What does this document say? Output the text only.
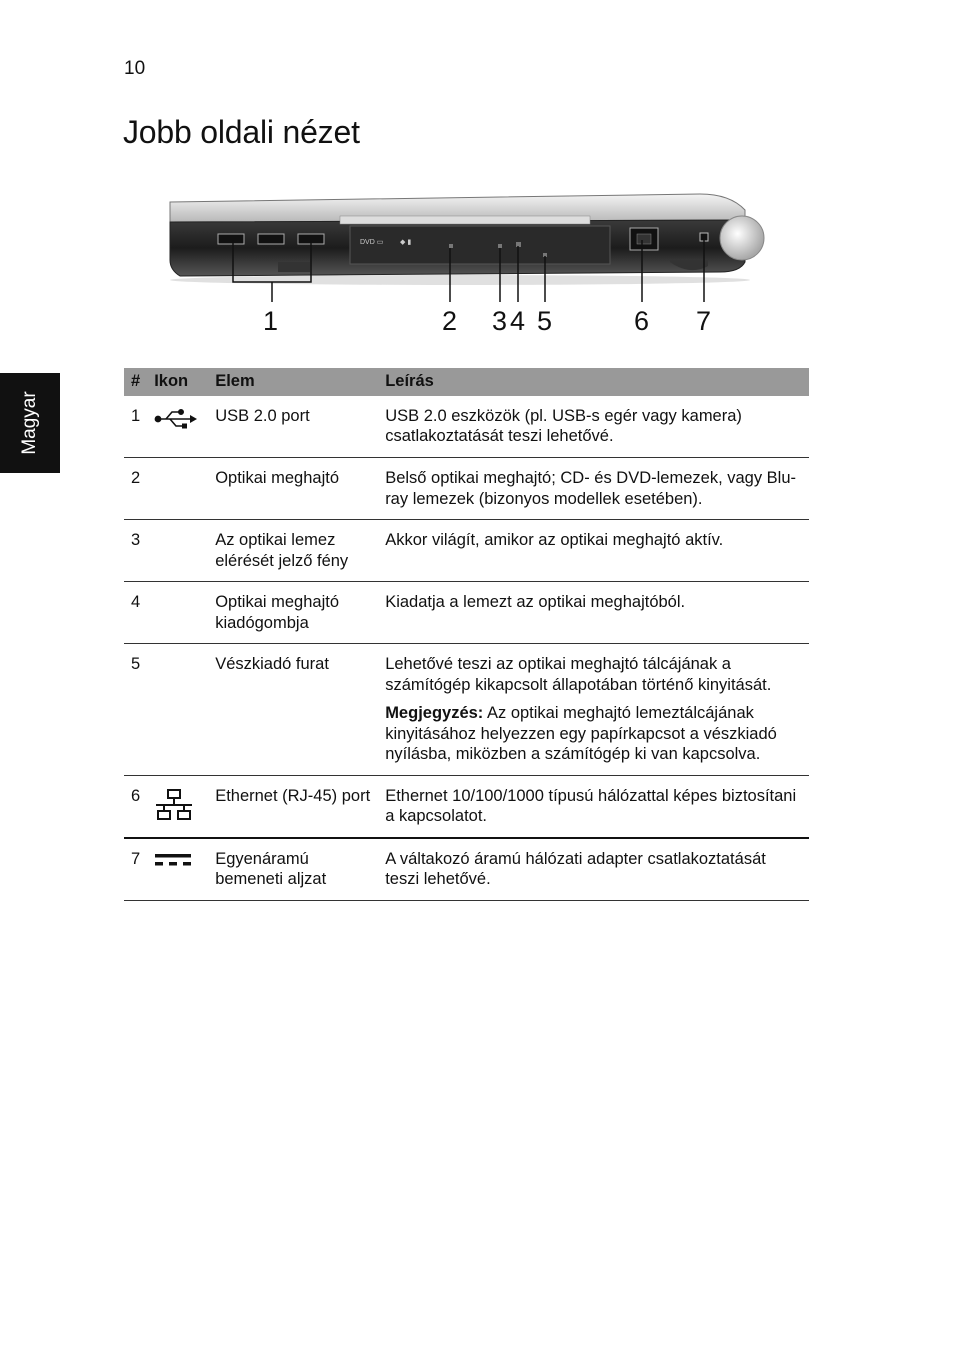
10
Jobb oldali nézet
Magyar
DVD ▭ ◆ ▮
1	2 3 4 5	6 7
#	Ikon	Elem	Leírás
1		USB 2.0 port	USB 2.0 eszközök (pl. USB-s egér vagy kamera) csatlakoztatását teszi lehetővé.
2		Optikai meghajtó	Belső optikai meghajtó; CD- és DVD-lemezek, vagy Blu-ray lemezek (bizonyos modellek esetében).
3		Az optikai lemez elérését jelző fény	Akkor világít, amikor az optikai meghajtó aktív.
4		Optikai meghajtó kiadógombja	Kiadatja a lemezt az optikai meghajtóból.
5		Vészkiadó furat	Lehetővé teszi az optikai meghajtó tálcájának a számítógép kikapcsolt állapotában történő kinyitását.
Megjegyzés: Az optikai meghajtó lemeztálcájának kinyitásához helyezzen egy papírkapcsot a vészkiadó nyílásba, miközben a számítógép ki van kapcsolva.

6		Ethernet (RJ-45) port	Ethernet 10/100/1000 típusú hálózattal képes biztosítani a kapcsolatot.
7		Egyenáramú bemeneti aljzat	A váltakozó áramú hálózati adapter csatlakoztatását teszi lehetővé.
